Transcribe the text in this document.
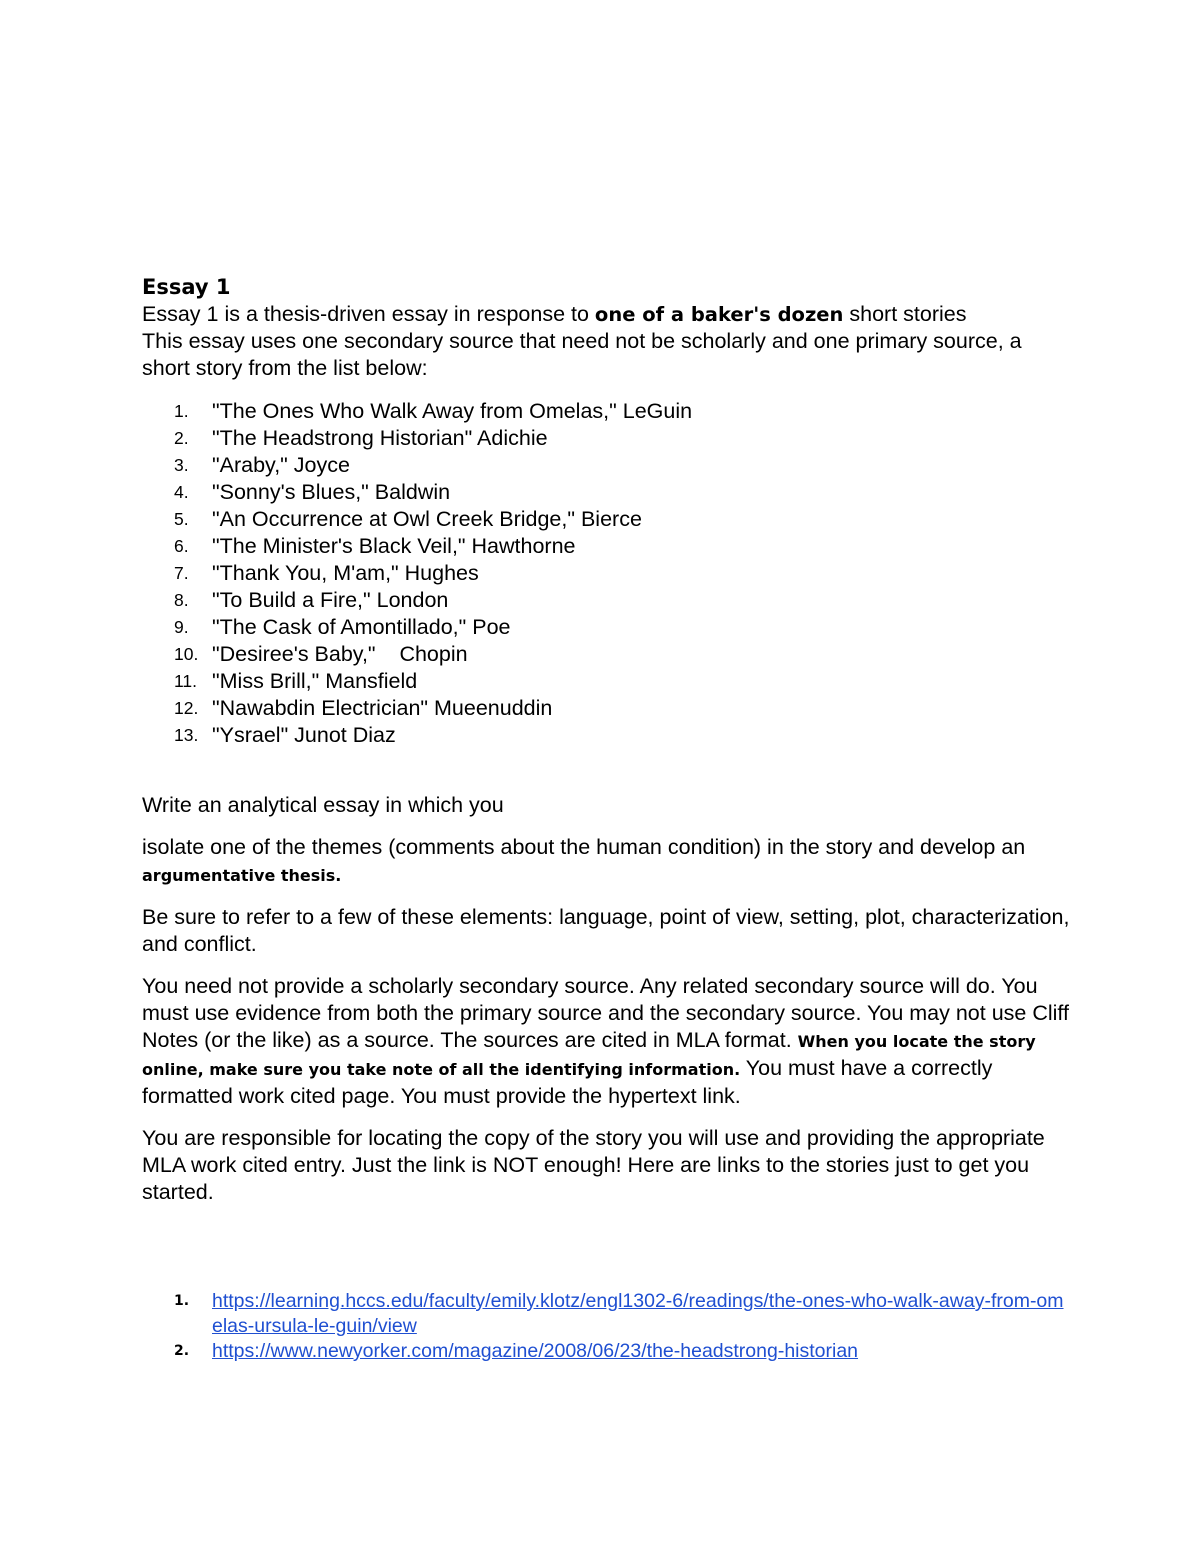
Essay 1

Essay 1 is a thesis-driven essay in response to one of a baker's dozen short stories

This essay uses one secondary source that need not be scholarly and one primary source, a short story from the list below:

1. "The Ones Who Walk Away from Omelas," LeGuin
2. "The Headstrong Historian" Adichie
3. "Araby," Joyce
4. "Sonny's Blues," Baldwin
5. "An Occurrence at Owl Creek Bridge," Bierce
6. "The Minister's Black Veil," Hawthorne
7. "Thank You, M'am," Hughes
8. "To Build a Fire," London
9. "The Cask of Amontillado," Poe
10. "Desiree's Baby,"    Chopin
11. "Miss Brill," Mansfield
12. "Nawabdin Electrician" Mueenuddin
13. "Ysrael" Junot Diaz

Write an analytical essay in which you

isolate one of the themes (comments about the human condition) in the story and develop an argumentative thesis.

Be sure to refer to a few of these elements: language, point of view, setting, plot, characterization, and conflict.

You need not provide a scholarly secondary source. Any related secondary source will do. You must use evidence from both the primary source and the secondary source. You may not use Cliff Notes (or the like) as a source. The sources are cited in MLA format. When you locate the story online, make sure you take note of all the identifying information. You must have a correctly formatted work cited page. You must provide the hypertext link.

You are responsible for locating the copy of the story you will use and providing the appropriate MLA work cited entry. Just the link is NOT enough! Here are links to the stories just to get you started.

1. https://learning.hccs.edu/faculty/emily.klotz/engl1302-6/readings/the-ones-who-walk-away-from-omelas-ursula-le-guin/view
2. https://www.newyorker.com/magazine/2008/06/23/the-headstrong-historian
